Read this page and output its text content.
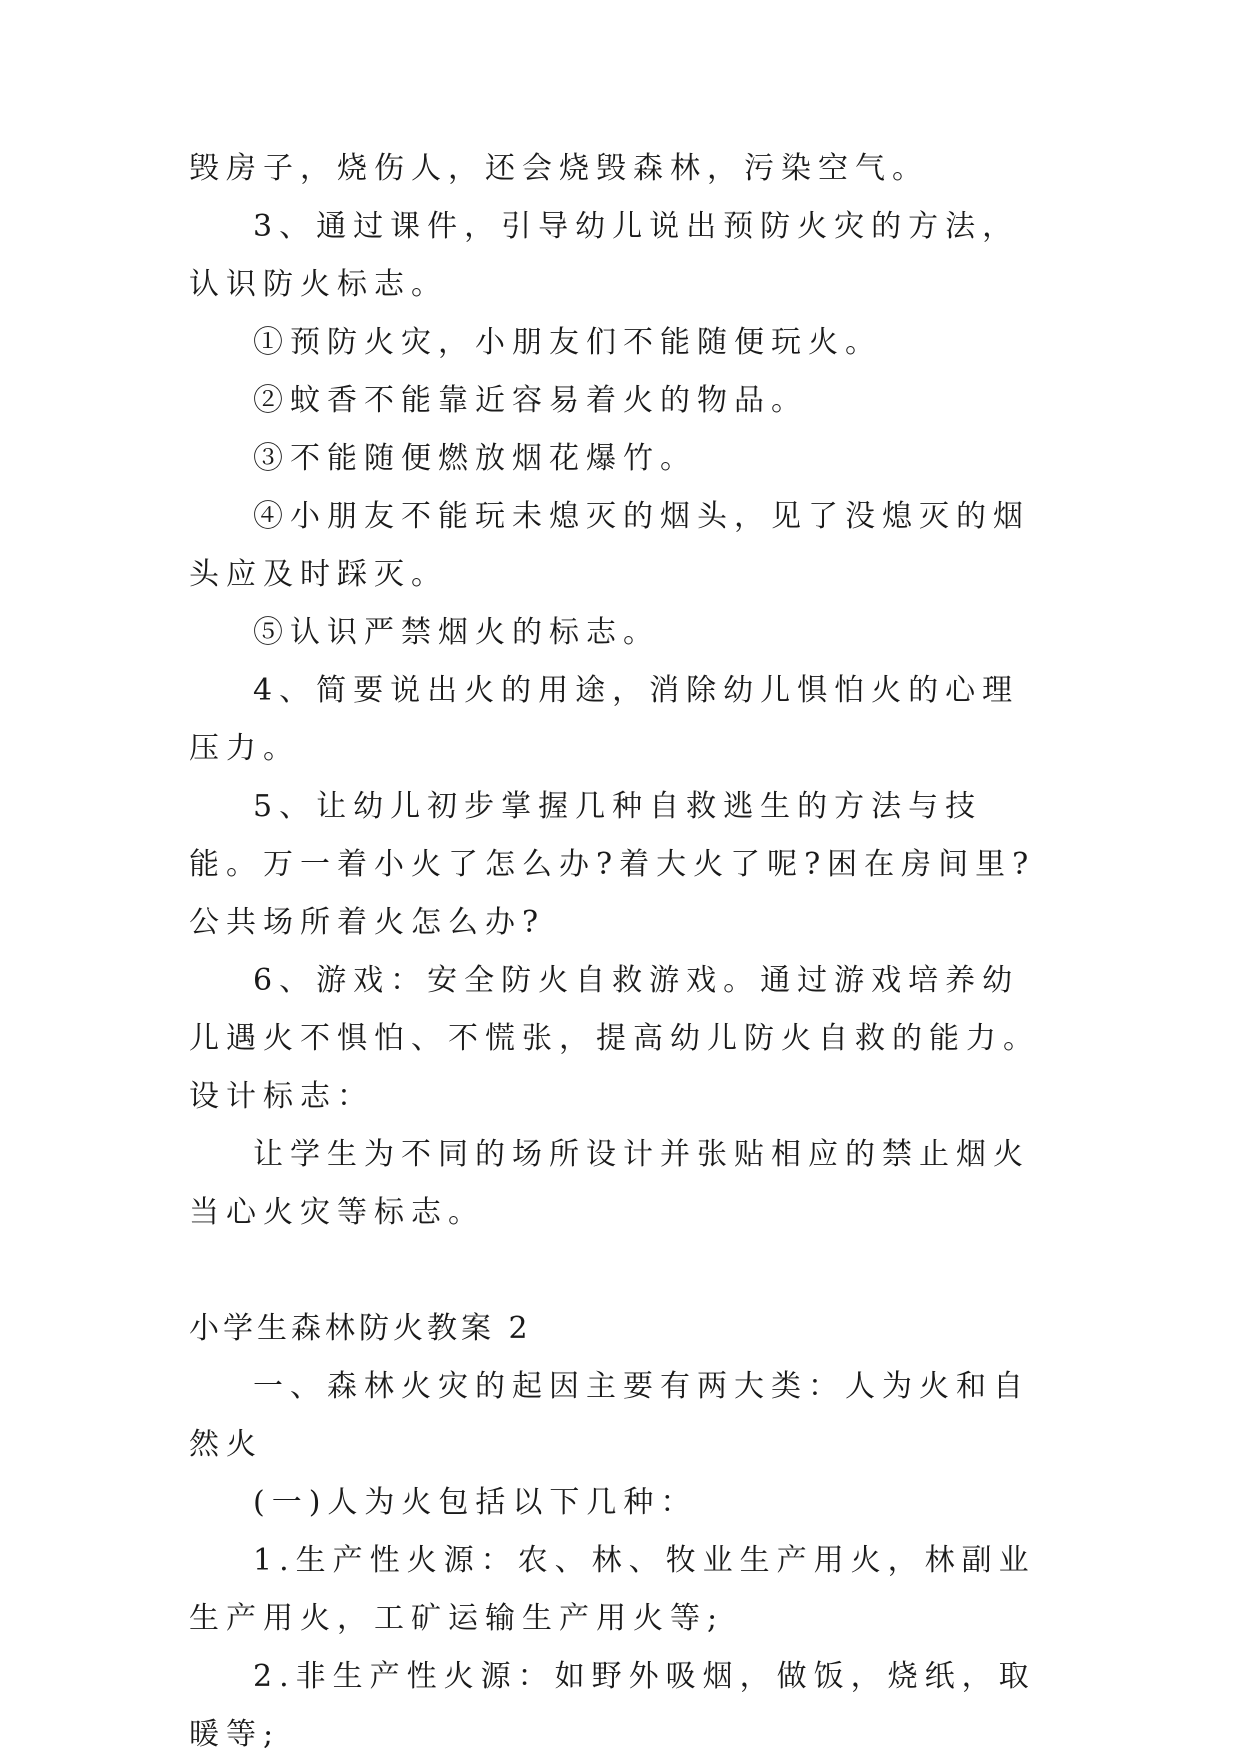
毁房子，烧伤人，还会烧毁森林，污染空气。

3、通过课件，引导幼儿说出预防火灾的方法，认识防火标志。

①预防火灾，小朋友们不能随便玩火。

②蚊香不能靠近容易着火的物品。

③不能随便燃放烟花爆竹。

④小朋友不能玩未熄灭的烟头，见了没熄灭的烟头应及时踩灭。

⑤认识严禁烟火的标志。

4、简要说出火的用途，消除幼儿惧怕火的心理压力。

5、让幼儿初步掌握几种自救逃生的方法与技能。万一着小火了怎么办?着大火了呢?困在房间里?公共场所着火怎么办?

6、游戏：安全防火自救游戏。通过游戏培养幼儿遇火不惧怕、不慌张，提高幼儿防火自救的能力。设计标志：

让学生为不同的场所设计并张贴相应的禁止烟火当心火灾等标志。

小学生森林防火教案 2

一、森林火灾的起因主要有两大类：人为火和自然火

(一)人为火包括以下几种：

1.生产性火源：农、林、牧业生产用火，林副业生产用火，工矿运输生产用火等;

2.非生产性火源：如野外吸烟，做饭，烧纸，取暖等;
